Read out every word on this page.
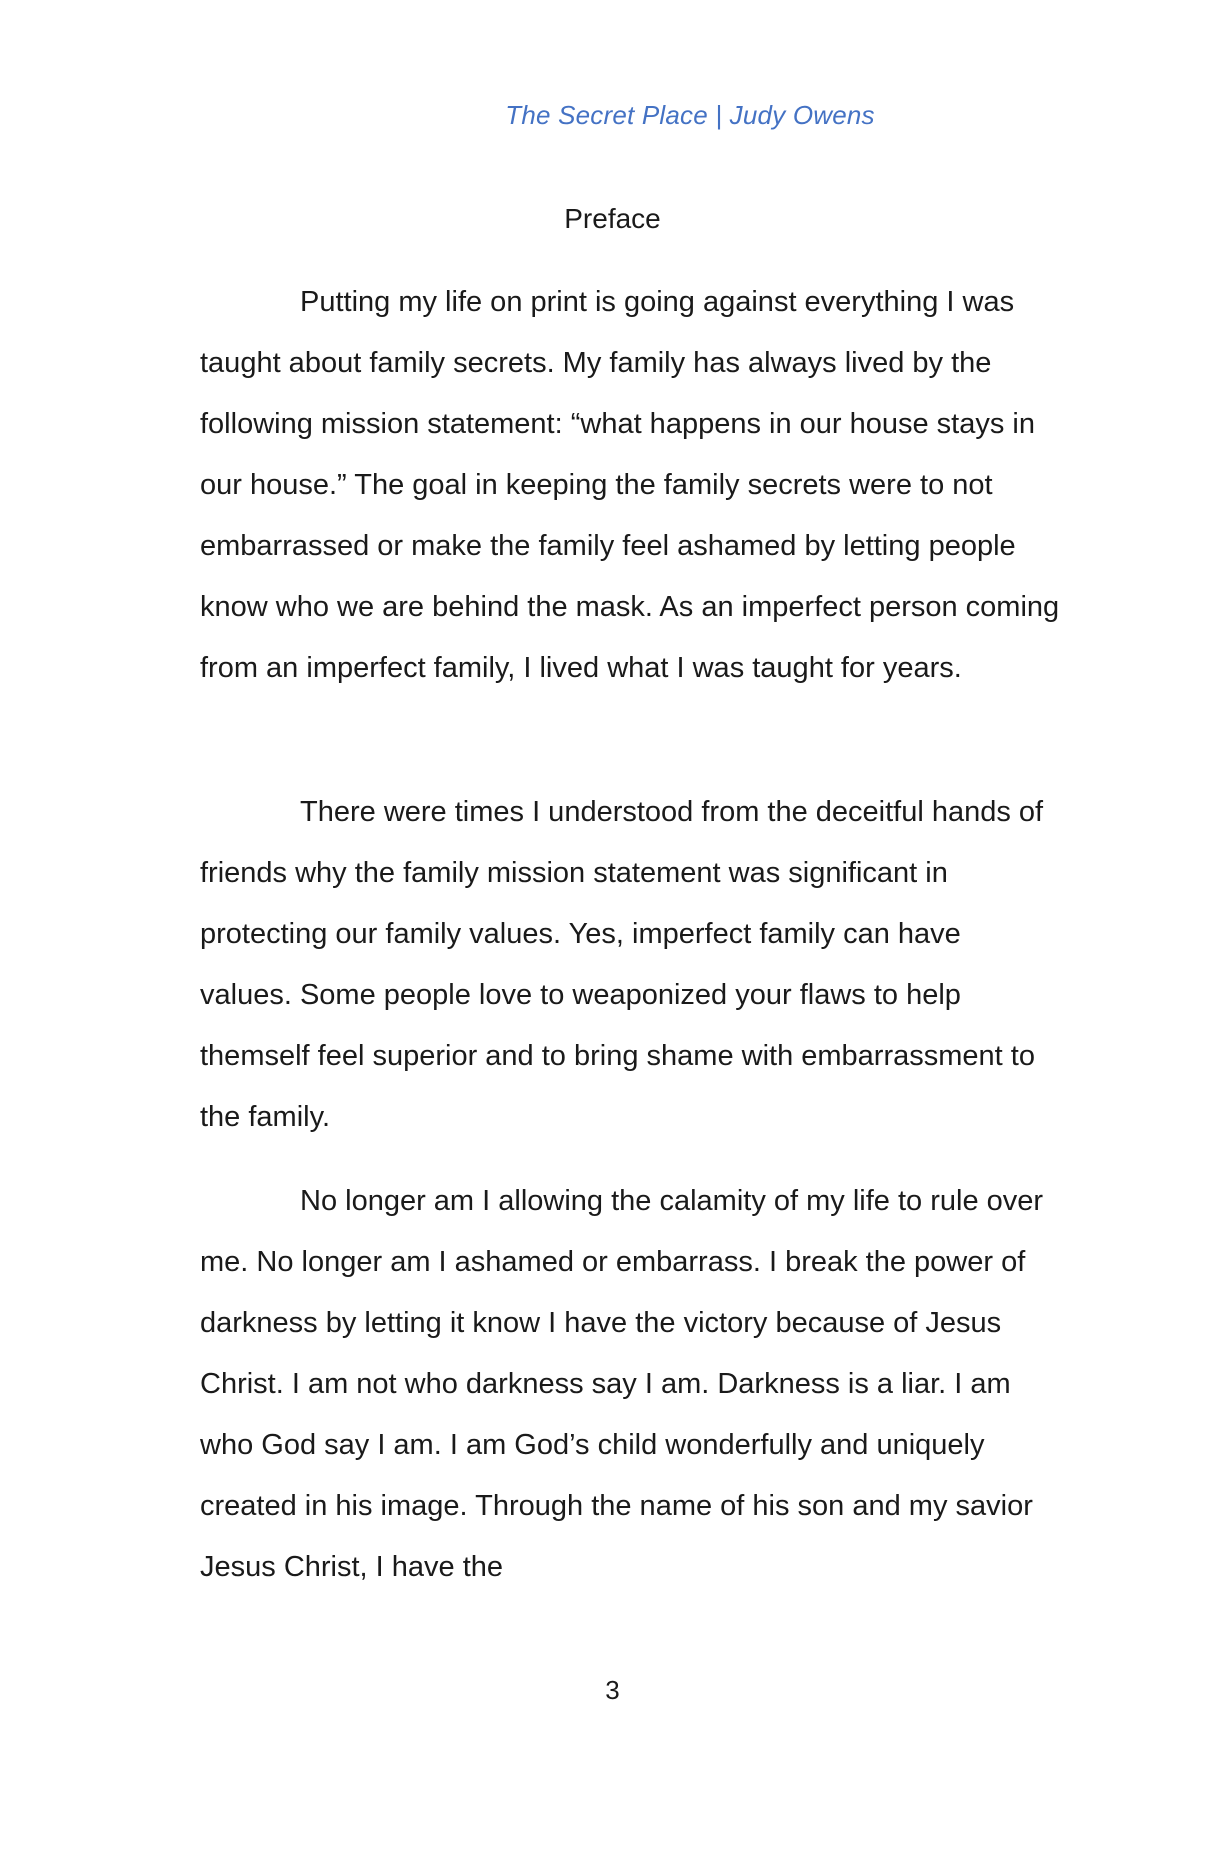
The Secret Place | Judy Owens
Preface

Putting my life on print is going against everything I was taught about family secrets. My family has always lived by the following mission statement: “what happens in our house stays in our house.” The goal in keeping the family secrets were to not embarrassed or make the family feel ashamed by letting people know who we are behind the mask. As an imperfect person coming from an imperfect family, I lived what I was taught for years.

There were times I understood from the deceitful hands of friends why the family mission statement was significant in protecting our family values. Yes, imperfect family can have values. Some people love to weaponized your flaws to help themself feel superior and to bring shame with embarrassment to the family.

No longer am I allowing the calamity of my life to rule over me. No longer am I ashamed or embarrass. I break the power of darkness by letting it know I have the victory because of Jesus Christ. I am not who darkness say I am. Darkness is a liar. I am who God say I am. I am God’s child wonderfully and uniquely created in his image. Through the name of his son and my savior Jesus Christ, I have the

3
